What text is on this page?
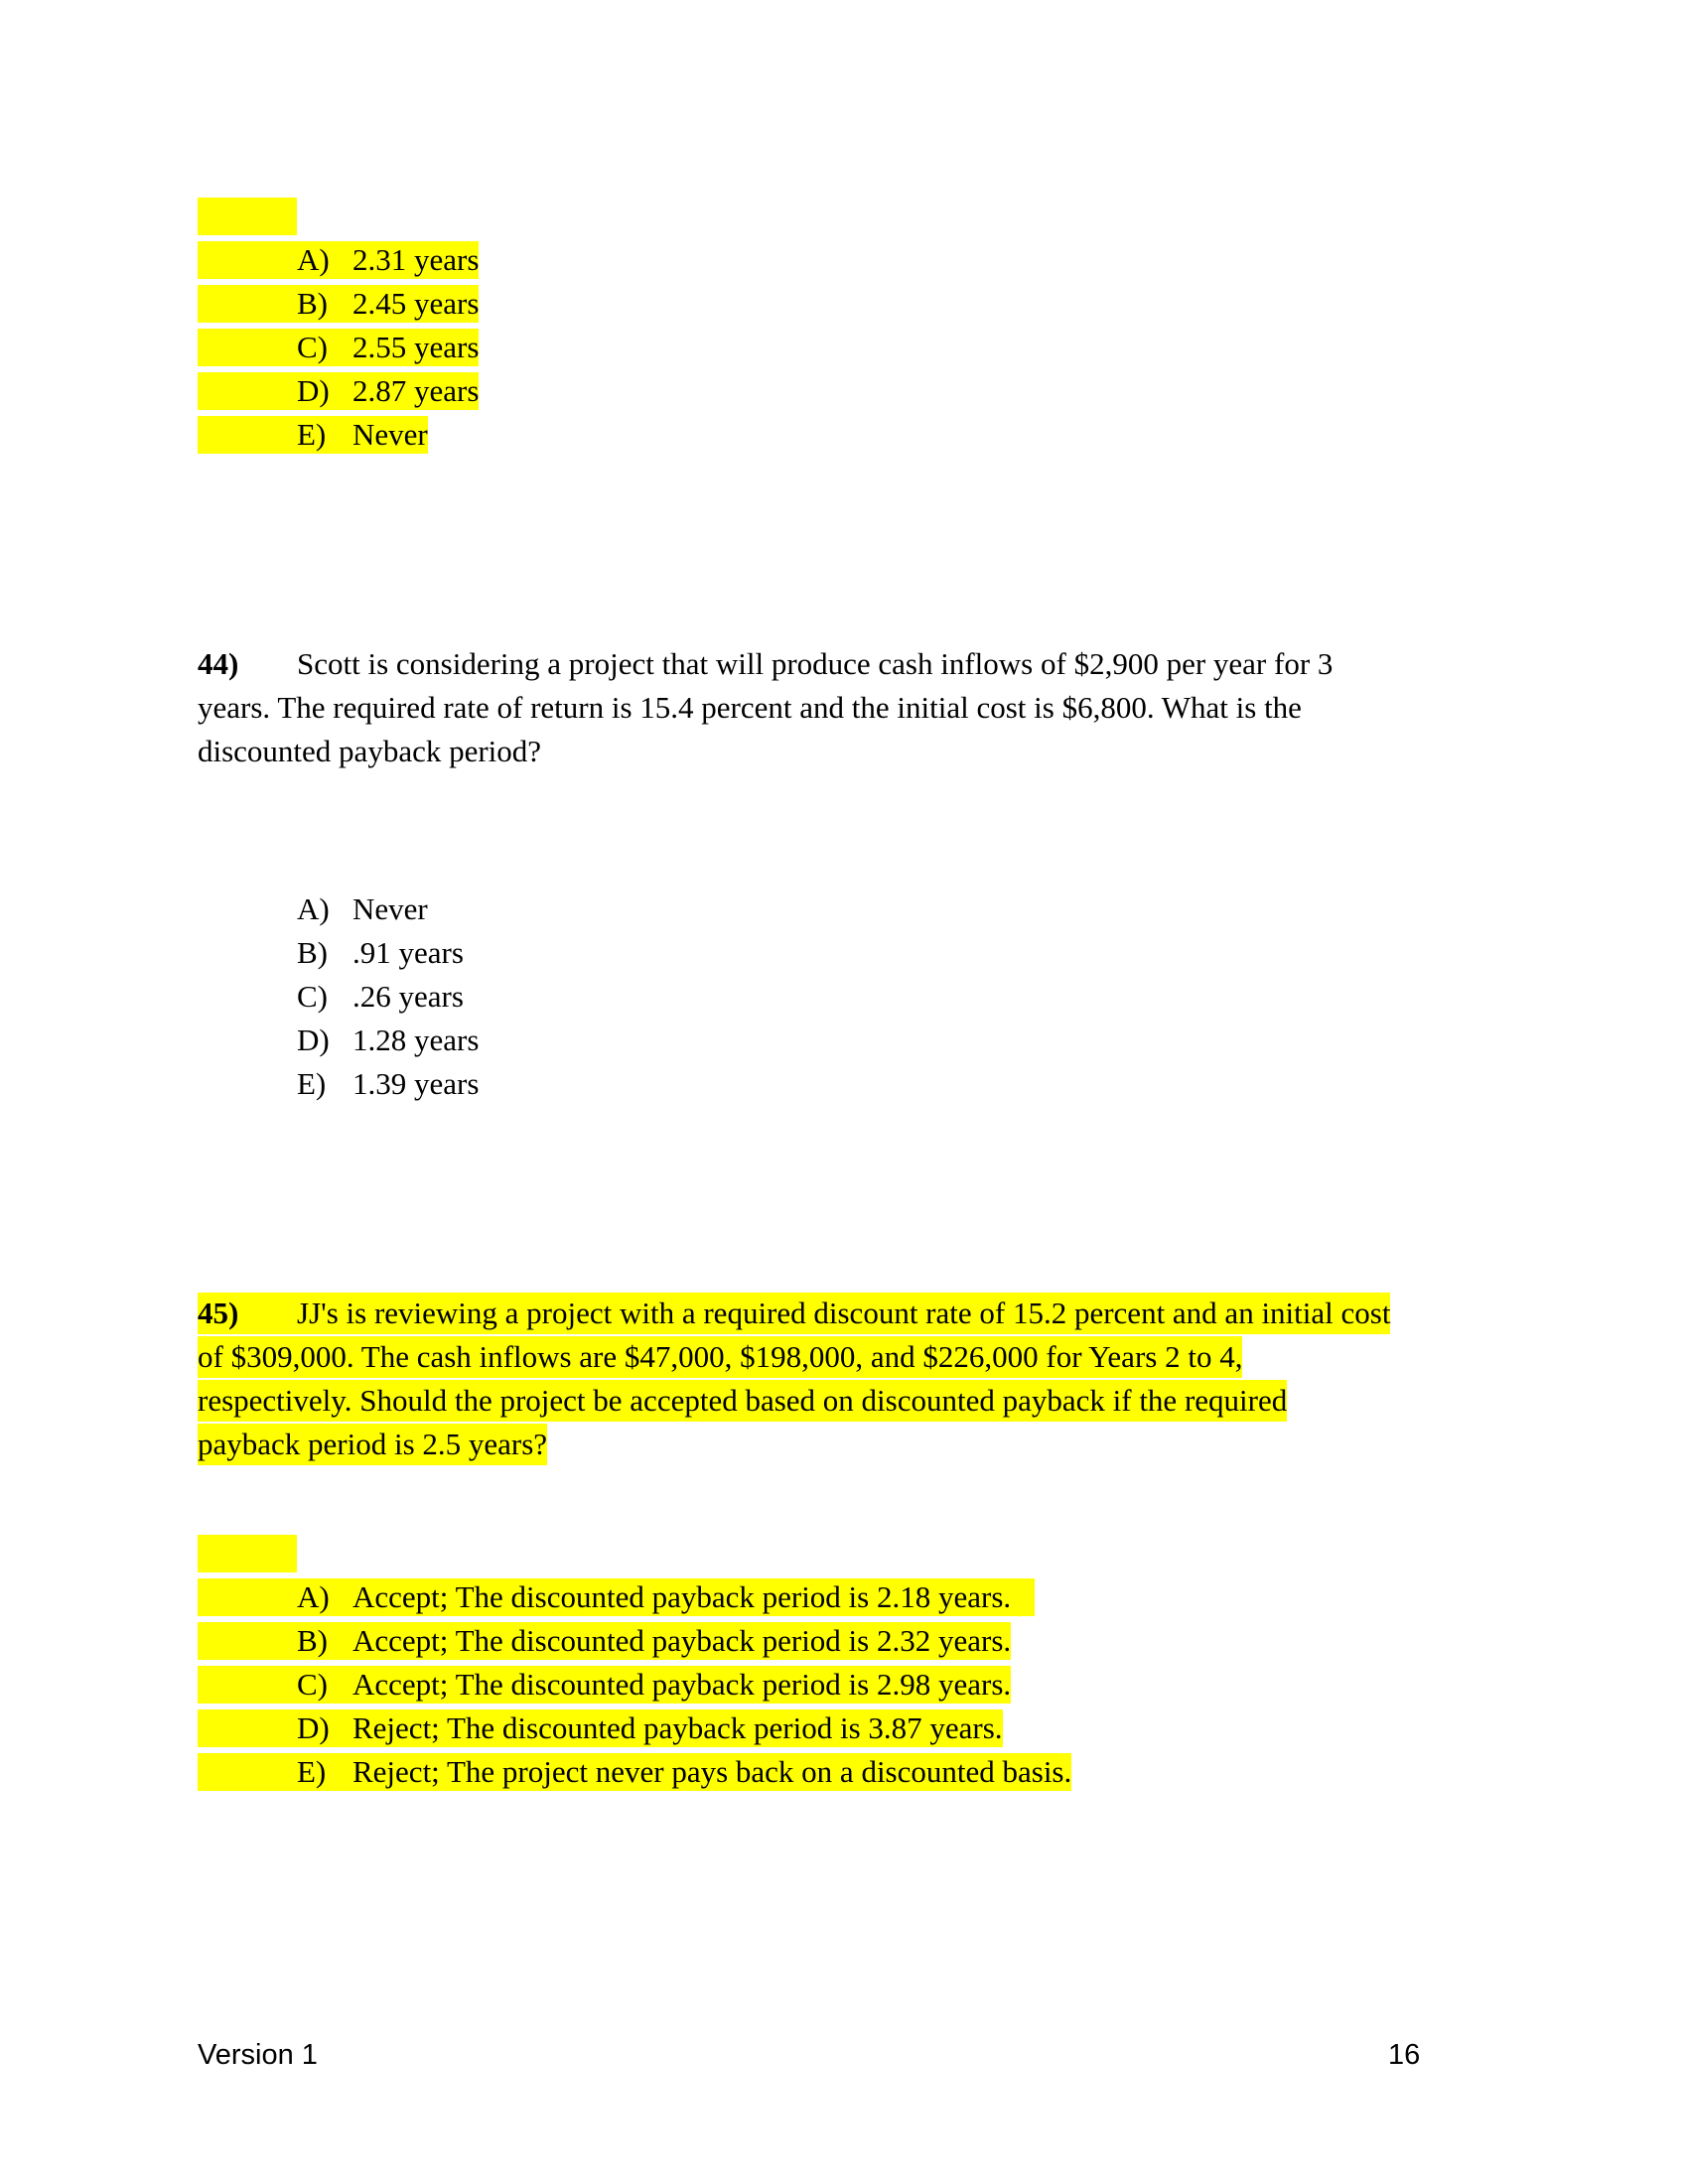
A) 2.31 years
B) 2.45 years
C) 2.55 years
D) 2.87 years
E) Never
44) Scott is considering a project that will produce cash inflows of $2,900 per year for 3
years. The required rate of return is 15.4 percent and the initial cost is $6,800. What is the
discounted payback period?
A) Never
B) .91 years
C) .26 years
D) 1.28 years
E) 1.39 years
45) JJ's is reviewing a project with a required discount rate of 15.2 percent and an initial cost
of $309,000. The cash inflows are $47,000, $198,000, and $226,000 for Years 2 to 4,
respectively. Should the project be accepted based on discounted payback if the required
payback period is 2.5 years?
A) Accept; The discounted payback period is 2.18 years.
B) Accept; The discounted payback period is 2.32 years.
C) Accept; The discounted payback period is 2.98 years.
D) Reject; The discounted payback period is 3.87 years.
E) Reject; The project never pays back on a discounted basis.
Version 1	16
